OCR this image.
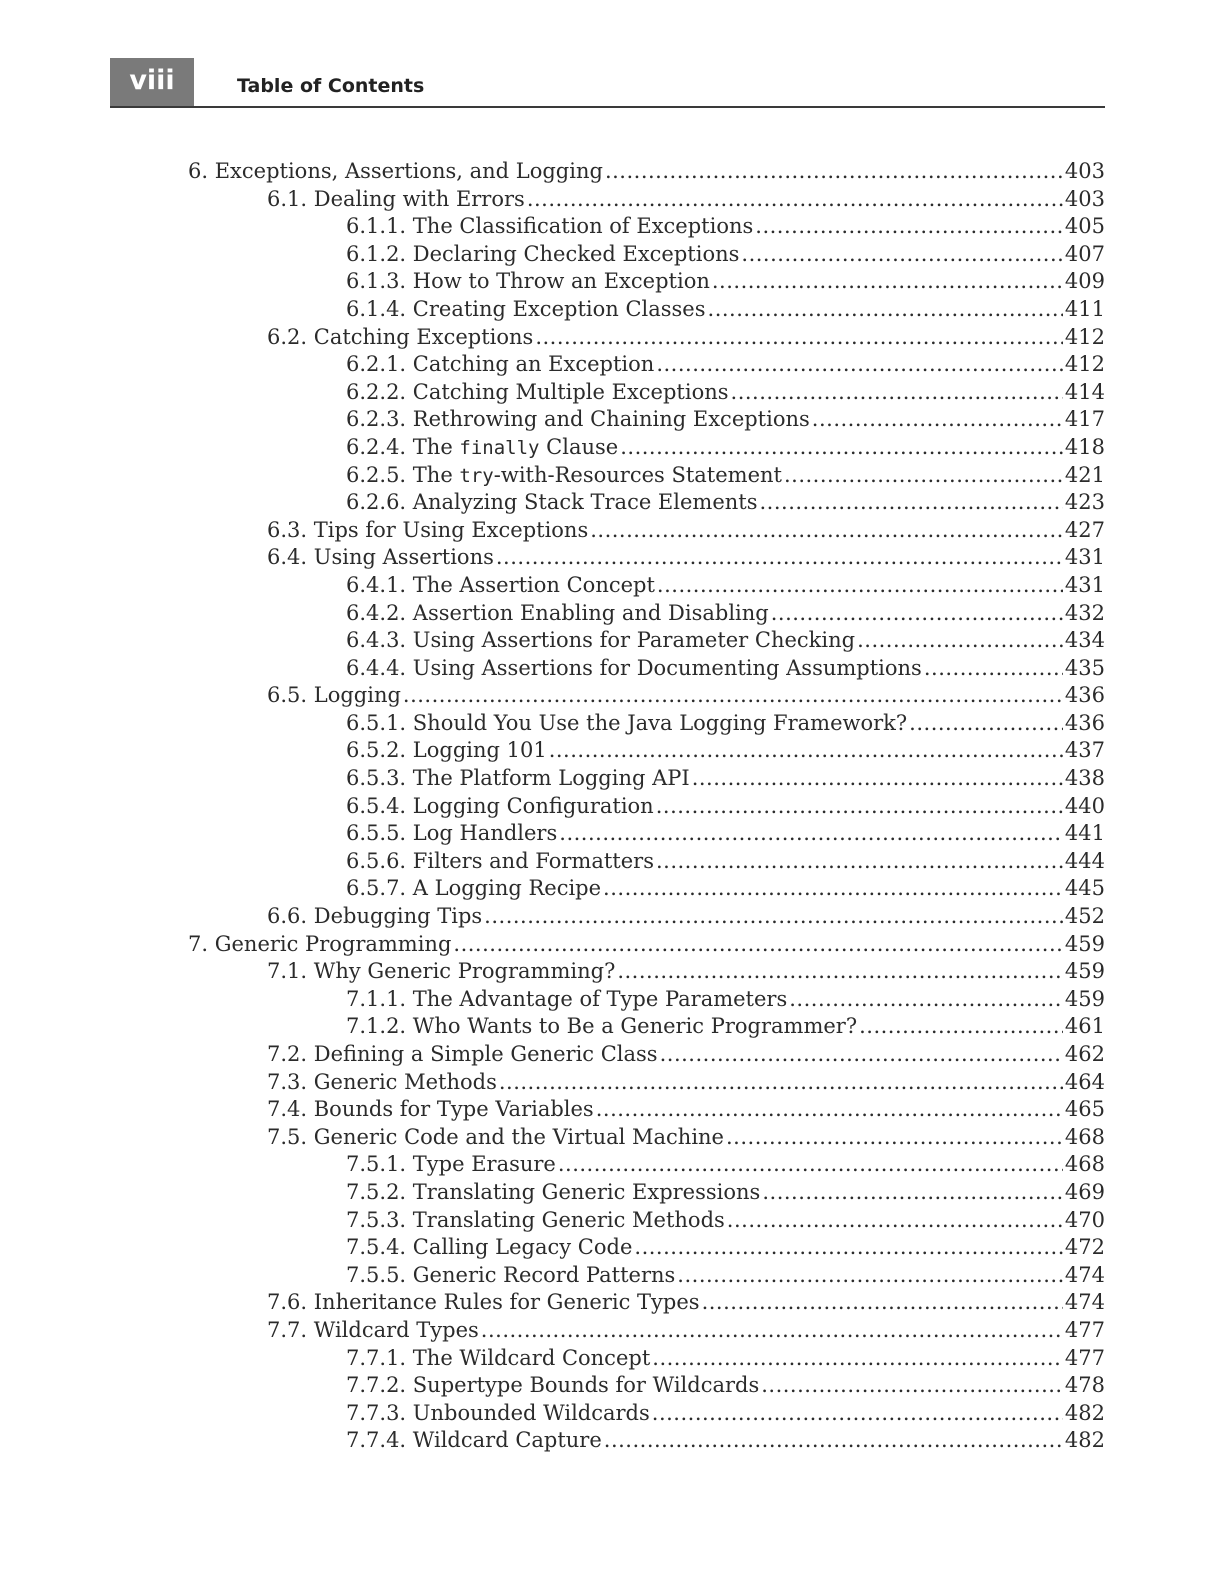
viii	Table of Contents
6. Exceptions, Assertions, and Logging .....	403
6.1. Dealing with Errors .....	403
6.1.1. The Classification of Exceptions .....	405
6.1.2. Declaring Checked Exceptions .....	407
6.1.3. How to Throw an Exception .....	409
6.1.4. Creating Exception Classes .....	411
6.2. Catching Exceptions .....	412
6.2.1. Catching an Exception .....	412
6.2.2. Catching Multiple Exceptions .....	414
6.2.3. Rethrowing and Chaining Exceptions .....	417
6.2.4. The finally Clause .....	418
6.2.5. The try-with-Resources Statement .....	421
6.2.6. Analyzing Stack Trace Elements .....	423
6.3. Tips for Using Exceptions .....	427
6.4. Using Assertions .....	431
6.4.1. The Assertion Concept .....	431
6.4.2. Assertion Enabling and Disabling .....	432
6.4.3. Using Assertions for Parameter Checking .....	434
6.4.4. Using Assertions for Documenting Assumptions .....	435
6.5. Logging .....	436
6.5.1. Should You Use the Java Logging Framework? .....	436
6.5.2. Logging 101 .....	437
6.5.3. The Platform Logging API .....	438
6.5.4. Logging Configuration .....	440
6.5.5. Log Handlers .....	441
6.5.6. Filters and Formatters .....	444
6.5.7. A Logging Recipe .....	445
6.6. Debugging Tips .....	452
7. Generic Programming .....	459
7.1. Why Generic Programming? .....	459
7.1.1. The Advantage of Type Parameters .....	459
7.1.2. Who Wants to Be a Generic Programmer? .....	461
7.2. Defining a Simple Generic Class .....	462
7.3. Generic Methods .....	464
7.4. Bounds for Type Variables .....	465
7.5. Generic Code and the Virtual Machine .....	468
7.5.1. Type Erasure .....	468
7.5.2. Translating Generic Expressions .....	469
7.5.3. Translating Generic Methods .....	470
7.5.4. Calling Legacy Code .....	472
7.5.5. Generic Record Patterns .....	474
7.6. Inheritance Rules for Generic Types .....	474
7.7. Wildcard Types .....	477
7.7.1. The Wildcard Concept .....	477
7.7.2. Supertype Bounds for Wildcards .....	478
7.7.3. Unbounded Wildcards .....	482
7.7.4. Wildcard Capture .....	482
